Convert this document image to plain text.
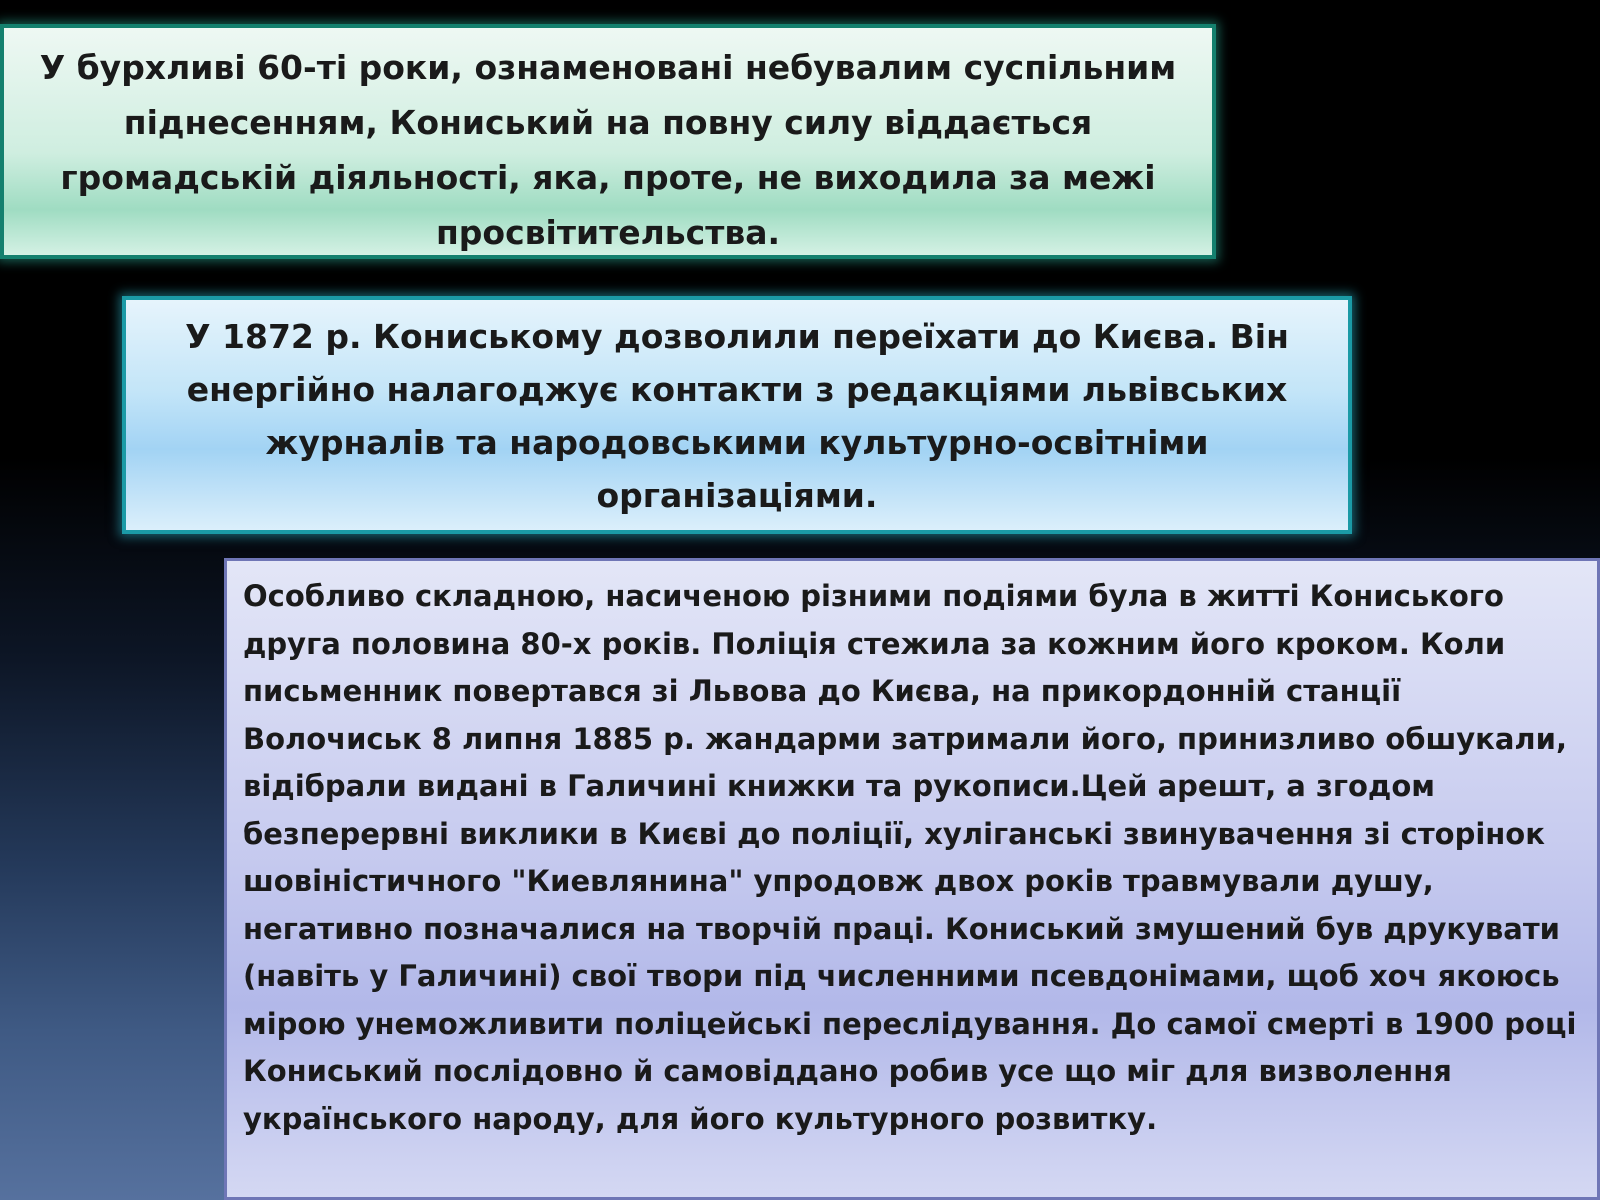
У бурхливі 60-ті роки, ознаменовані небувалим суспільним піднесенням, Кониський на повну силу віддається громадській діяльності, яка, проте, не виходила за межі просвітительства.

У 1872 р. Кониському дозволили переїхати до Києва. Він енергійно налагоджує контакти з редакціями львівських журналів та народовськими культурно-освітніми організаціями.

Особливо складною, насиченою різними подіями була в житті Кониського друга половина 80-х років. Поліція стежила за кожним його кроком. Коли письменник повертався зі Львова до Києва, на прикордонній станції Волочиськ 8 липня 1885 р. жандарми затримали його, принизливо обшукали, відібрали видані в Галичині книжки та рукописи.Цей арешт, а згодом безперервні виклики в Києві до поліції, хуліганські звинувачення зі сторінок шовіністичного "Киевлянина" упродовж двох років травмували душу, негативно позначалися на творчій праці. Кониський змушений був друкувати (навіть у Галичині) свої твори під численними псевдонімами, щоб хоч якоюсь мірою унеможливити поліцейські переслідування. До самої смерті в 1900 році Кониський послідовно й самовіддано робив усе що міг для визволення українського народу, для його культурного розвитку.
